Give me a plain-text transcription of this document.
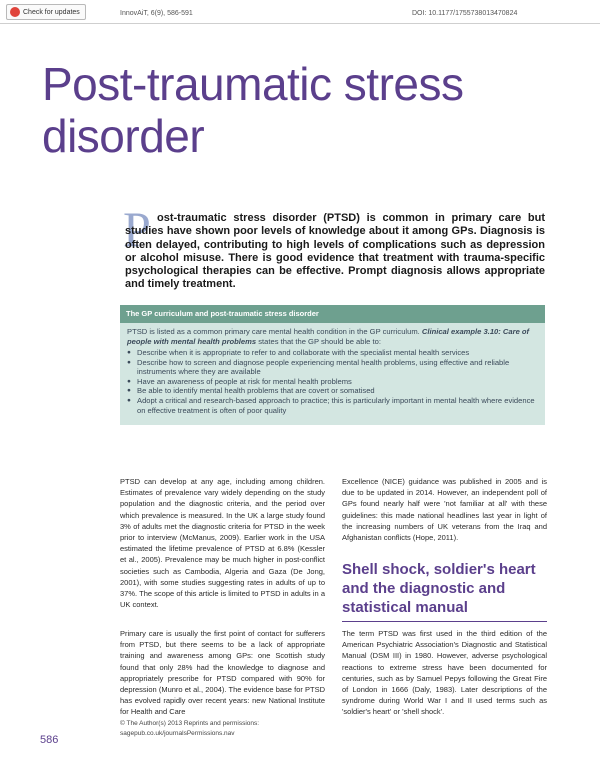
Check for updates	InnovAiT, 6(9), 586-591	DOI: 10.1177/1755738013470824
Post-traumatic stress disorder
P ost-traumatic stress disorder (PTSD) is common in primary care but studies have shown poor levels of knowledge about it among GPs. Diagnosis is often delayed, contributing to high levels of complications such as depression or alcohol misuse. There is good evidence that treatment with trauma-specific psychological therapies can be effective. Prompt diagnosis allows appropriate and timely treatment.

The GP curriculum and post-traumatic stress disorder

PTSD is listed as a common primary care mental health condition in the GP curriculum. Clinical example 3.10: Care of people with mental health problems states that the GP should be able to:

● Describe when it is appropriate to refer to and collaborate with the specialist mental health services
● Describe how to screen and diagnose people experiencing mental health problems, using effective and reliable instruments where they are available
● Have an awareness of people at risk for mental health problems
● Be able to identify mental health problems that are covert or somatised
● Adopt a critical and research-based approach to practice; this is particularly important in mental health where evidence on effective treatment is often of poor quality

PTSD can develop at any age, including among children. Estimates of prevalence vary widely depending on the study population and the diagnostic criteria, and the period over which prevalence is measured. In the UK a large study found 3% of adults met the diagnostic criteria for PTSD in the week prior to interview (McManus, 2009). Earlier work in the USA estimated the lifetime prevalence of PTSD at 6.8% (Kessler et al., 2005). Prevalence may be much higher in post-conflict societies such as Cambodia, Algeria and Gaza (De Jong, 2001), with some studies suggesting rates in adults of up to 37%. The scope of this article is limited to PTSD in adults in a UK context.

Primary care is usually the first point of contact for sufferers from PTSD, but there seems to be a lack of appropriate training and awareness among GPs: one Scottish study found that only 28% had the knowledge to diagnose and appropriately prescribe for PTSD compared with 90% for depression (Munro et al., 2004). The evidence base for PTSD has evolved rapidly over recent years: new National Institute for Health and Care

Excellence (NICE) guidance was published in 2005 and is due to be updated in 2014. However, an independent poll of GPs found nearly half were 'not familiar at all' with these guidelines: this made national headlines last year in light of the increasing numbers of UK veterans from the Iraq and Afghanistan conflicts (Hope, 2011).

Shell shock, soldier's heart and the diagnostic and statistical manual

The term PTSD was first used in the third edition of the American Psychiatric Association's Diagnostic and Statistical Manual (DSM III) in 1980. However, adverse psychological reactions to extreme stress have been documented for centuries, such as by Samuel Pepys following the Great Fire of London in 1666 (Daly, 1983). Later descriptions of the syndrome during World War I and II used terms such as 'soldier's heart' or 'shell shock'.

© The Author(s) 2013 Reprints and permissions:
sagepub.co.uk/journalsPermissions.nav
586
